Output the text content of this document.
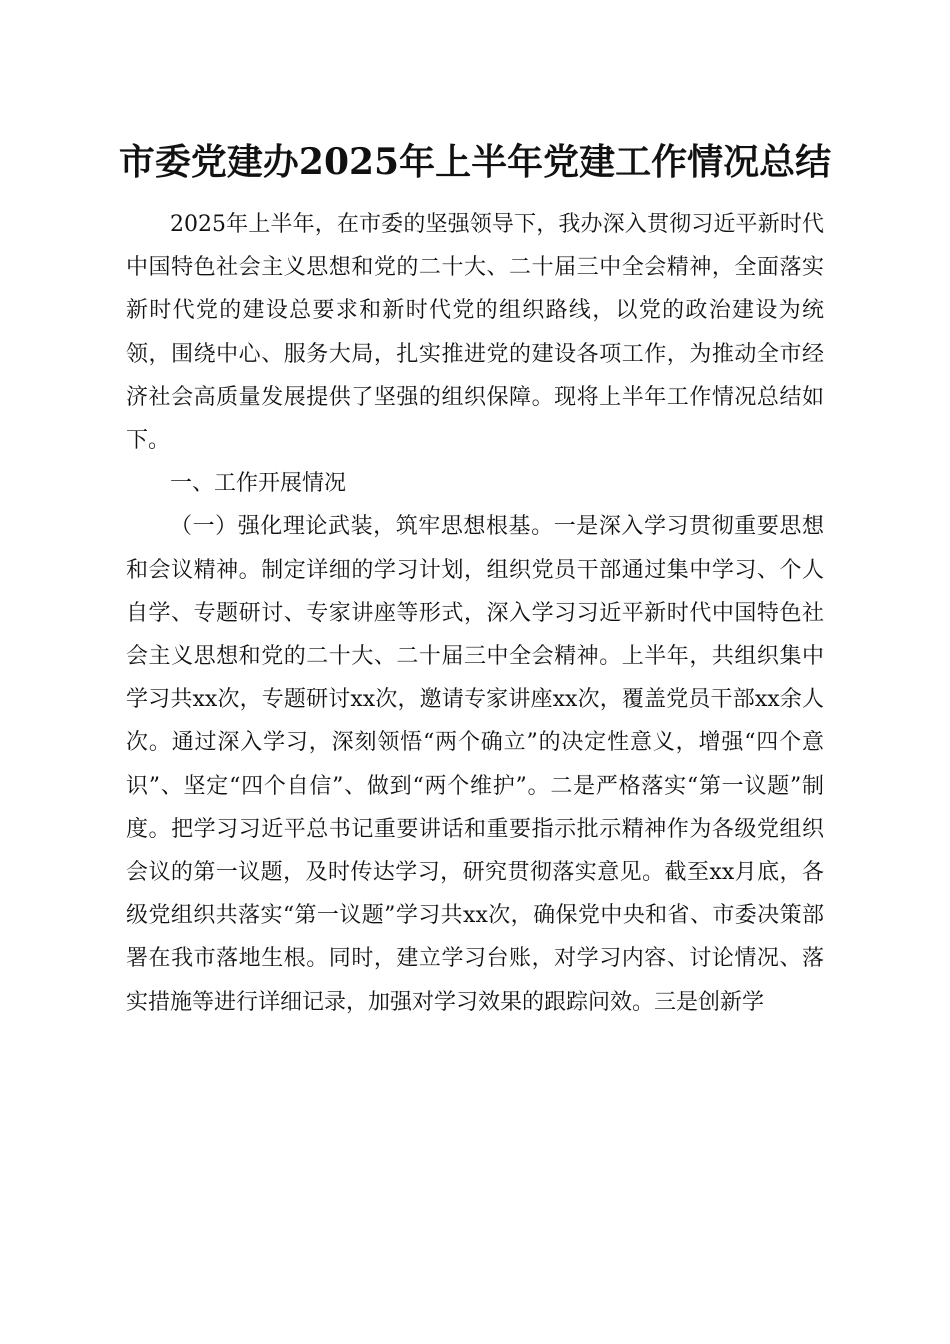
市委党建办2025年上半年党建工作情况总结

2025年上半年，在市委的坚强领导下，我办深入贯彻习近平新时代中国特色社会主义思想和党的二十大、二十届三中全会精神，全面落实新时代党的建设总要求和新时代党的组织路线，以党的政治建设为统领，围绕中心、服务大局，扎实推进党的建设各项工作，为推动全市经济社会高质量发展提供了坚强的组织保障。现将上半年工作情况总结如下。

一、工作开展情况

（一）强化理论武装，筑牢思想根基。一是深入学习贯彻重要思想和会议精神。制定详细的学习计划，组织党员干部通过集中学习、个人自学、专题研讨、专家讲座等形式，深入学习习近平新时代中国特色社会主义思想和党的二十大、二十届三中全会精神。上半年，共组织集中学习共xx次，专题研讨xx次，邀请专家讲座xx次，覆盖党员干部xx余人次。通过深入学习，深刻领悟“两个确立”的决定性意义，增强“四个意识”、坚定“四个自信”、做到“两个维护”。二是严格落实“第一议题”制度。把学习习近平总书记重要讲话和重要指示批示精神作为各级党组织会议的第一议题，及时传达学习，研究贯彻落实意见。截至xx月底，各级党组织共落实“第一议题”学习共xx次，确保党中央和省、市委决策部署在我市落地生根。同时，建立学习台账，对学习内容、讨论情况、落实措施等进行详细记录，加强对学习效果的跟踪问效。三是创新学
